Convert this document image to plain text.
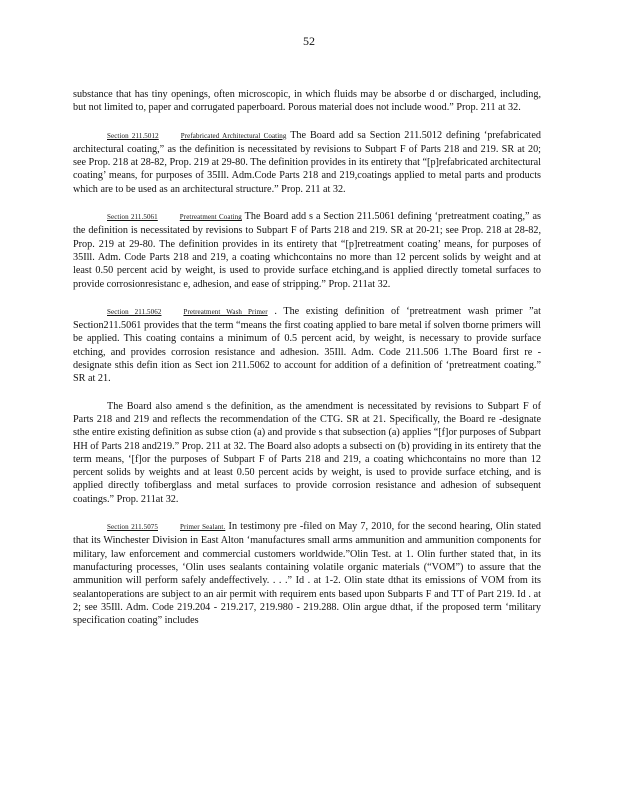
52

substance that has tiny openings, often microscopic, in which fluids may be absorbe d or discharged, including, but not limited to, paper and corrugated paperboard. Porous material does not include wood.” Prop. 211 at 32.

Section 211.5012	Prefabricated Architectural Coating The Board add sa Section 211.5012 defining ‘prefabricated architectural coating,” as the definition is necessitated by revisions to Subpart F of Parts 218 and 219. SR at 20; see Prop. 218 at 28-82, Prop. 219 at 29-80. The definition provides in its entirety that “[p]refabricated architectural coating’ means, for purposes of 35Ill. Adm.Code Parts 218 and 219,coatings applied to metal parts and products which are to be used as an architectural structure.” Prop. 211 at 32.

Section 211.5061	Pretreatment Coating The Board add s a Section 211.5061 defining ‘pretreatment coating,” as the definition is necessitated by revisions to Subpart F of Parts 218 and 219. SR at 20-21; see Prop. 218 at 28-82, Prop. 219 at 29-80. The definition provides in its entirety that “[p]retreatment coating’ means, for purposes of 35Ill. Adm. Code Parts 218 and 219, a coating whichcontains no more than 12 percent solids by weight and at least 0.50 percent acid by weight, is used to provide surface etching,and is applied directly tometal surfaces to provide corrosionresistanc e, adhesion, and ease of stripping.” Prop. 211at 32.

Section 211.5062	Pretreatment Wash Primer . The existing definition of ‘pretreatment wash primer ”at Section211.5061 provides that the term “means the first coating applied to bare metal if solven tborne primers will be applied. This coating contains a minimum of 0.5 percent acid, by weight, is necessary to provide surface etching, and provides corrosion resistance and adhesion. 35Ill. Adm. Code 211.506 1.The Board first re - designate sthis defin ition as Sect ion 211.5062 to account for addition of a definition of ‘pretreatment coating.” SR at 21.

The Board also amend s the definition, as the amendment is necessitated by revisions to Subpart F of Parts 218 and 219 and reflects the recommendation of the CTG. SR at 21. Specifically, the Board re -designate sthe entire existing definition as subse ction (a) and provide s that subsection (a) applies “[f]or purposes of Subpart HH of Parts 218 and219.” Prop. 211 at 32. The Board also adopts a subsecti on (b) providing in its entirety that the term means, ‘[f]or the purposes of Subpart F of Parts 218 and 219, a coating whichcontains no more than 12 percent solids by weights and at least 0.50 percent acids by weight, is used to provide surface etching, and is applied directly tofiberglass and metal surfaces to provide corrosion resistance and adhesion of subsequent coatings.” Prop. 211at 32.

Section 211.5075	Primer Sealant. In testimony pre -filed on May 7, 2010, for the second hearing, Olin stated that its Winchester Division in East Alton ‘manufactures small arms ammunition and ammunition components for military, law enforcement and commercial customers worldwide.”Olin Test. at 1. Olin further stated that, in its manufacturing processes, ‘Olin uses sealants containing volatile organic materials (“VOM”) to assure that the ammunition will perform safely andeffectively. . . .” Id . at 1-2. Olin state dthat its emissions of VOM from its sealantoperations are subject to an air permit with requirem ents based upon Subparts F and TT of Part 219. Id . at 2; see 35Ill. Adm. Code 219.204 - 219.217, 219.980 - 219.288. Olin argue dthat, if the proposed term ‘military specification coating” includes
